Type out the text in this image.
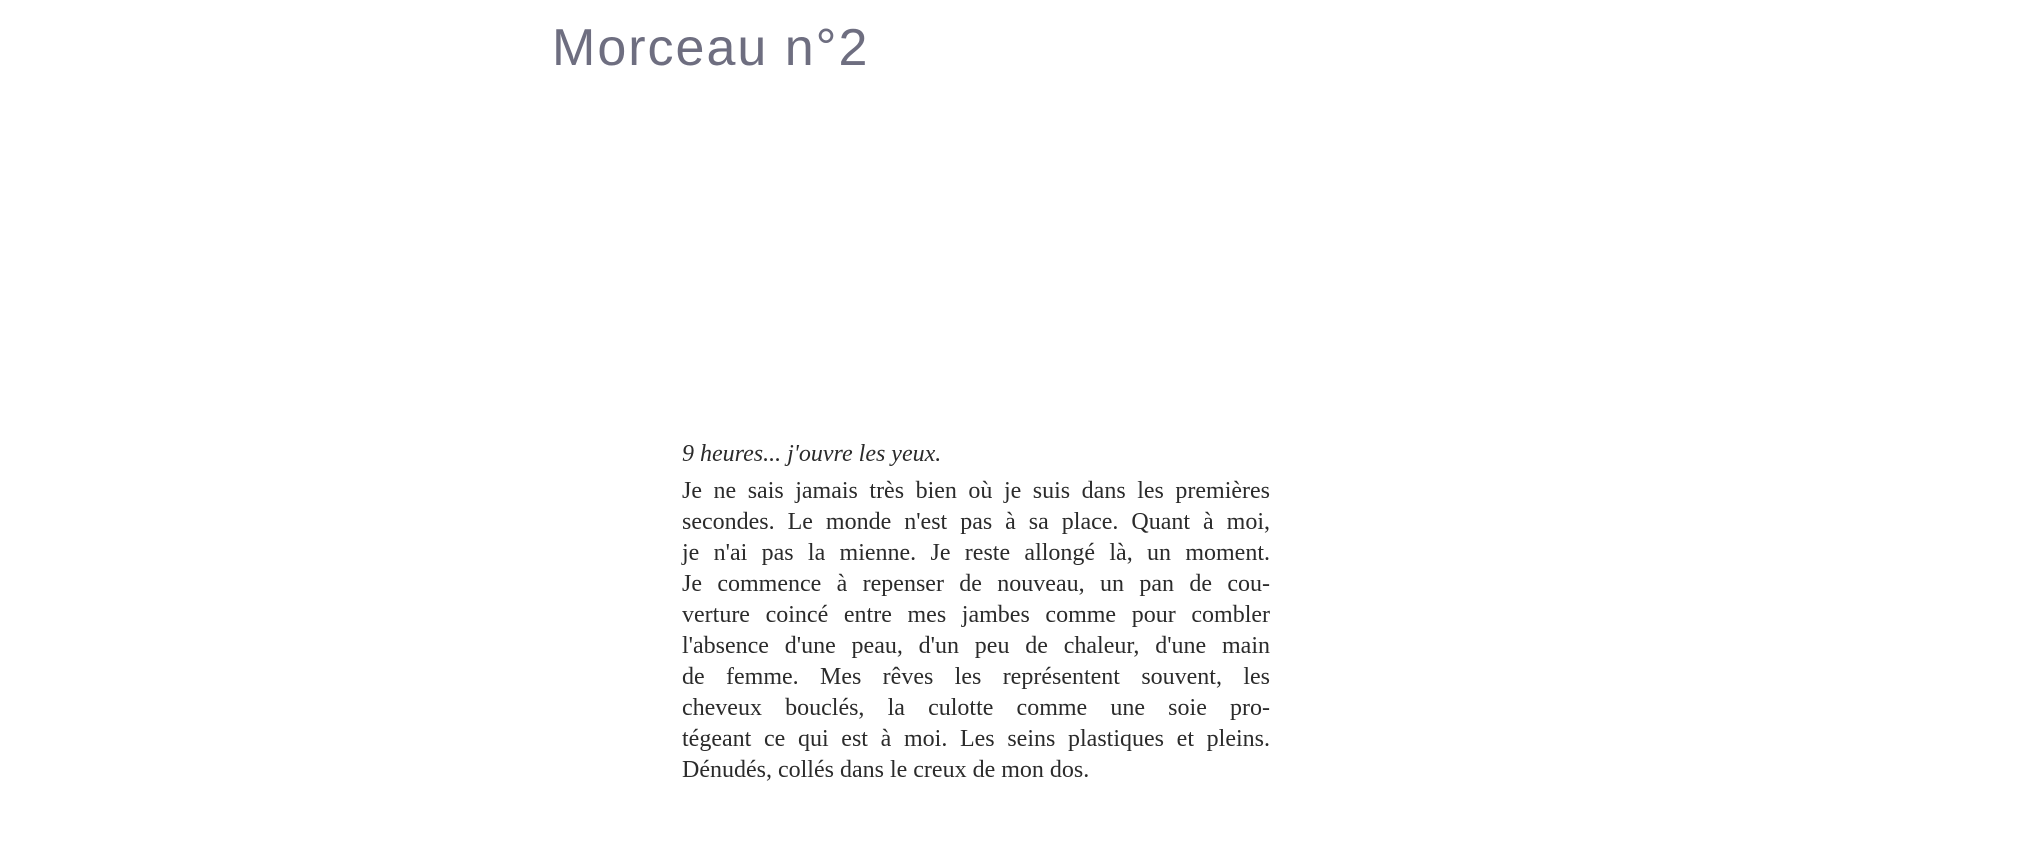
Morceau n°2

9 heures... j'ouvre les yeux.

Je ne sais jamais très bien où je suis dans les premières
secondes. Le monde n'est pas à sa place. Quant à moi,
je n'ai pas la mienne. Je reste allongé là, un moment.
Je commence à repenser de nouveau, un pan de cou-
verture coincé entre mes jambes comme pour combler
l'absence d'une peau, d'un peu de chaleur, d'une main
de femme. Mes rêves les représentent souvent, les
cheveux bouclés, la culotte comme une soie pro-
tégeant ce qui est à moi. Les seins plastiques et pleins.
Dénudés, collés dans le creux de mon dos.
